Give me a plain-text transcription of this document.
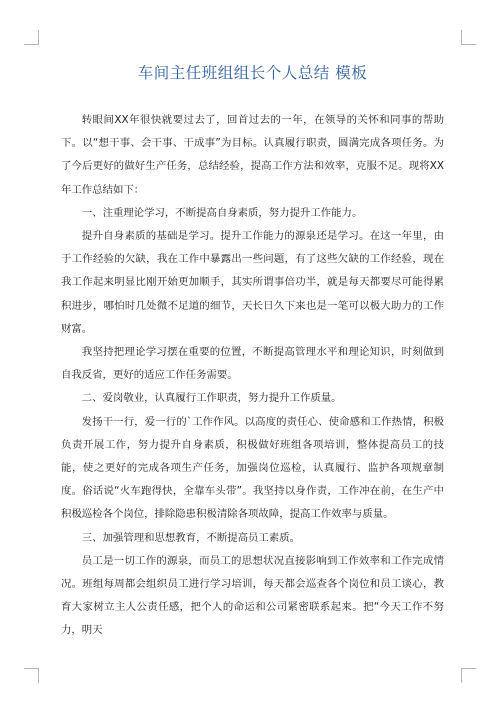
车间主任班组组长个人总结 模板

转眼间XX年很快就要过去了，回首过去的一年，在领导的关怀和同事的帮助下。以“想干事、会干事、干成事”为目标。认真履行职责，圆满完成各项任务。为了今后更好的做好生产任务，总结经验，提高工作方法和效率，克服不足。现将XX年工作总结如下：

一、注重理论学习，不断提高自身素质，努力提升工作能力。

提升自身素质的基础是学习。提升工作能力的源泉还是学习。在这一年里，由于工作经验的欠缺，我在工作中暴露出一些问题，有了这些欠缺的工作经验，现在我工作起来明显比刚开始更加顺手，其实所谓事倍功半，就是每天都要尽可能得累积进步，哪怕时几处微不足道的细节，天长日久下来也是一笔可以极大助力的工作财富。

我坚持把理论学习摆在重要的位置，不断提高管理水平和理论知识，时刻做到自我反省，更好的适应工作任务需要。

二、爱岗敬业，认真履行工作职责，努力提升工作质量。

发扬干一行，爱一行的`工作作风。以高度的责任心、使命感和工作热情，积极负责开展工作，努力提升自身素质，积极做好班组各项培训，整体提高员工的技能，使之更好的完成各项生产任务，加强岗位巡检，认真履行、监护各项规章制度。俗话说“火车跑得快，全靠车头带”。我坚持以身作责，工作冲在前，在生产中积极巡检各个岗位，排除隐患积极清除各项故障，提高工作效率与质量。

三、加强管理和思想教育，不断提高员工素质。

员工是一切工作的源泉，而员工的思想状况直接影响到工作效率和工作完成情况。班组每周都会组织员工进行学习培训，每天都会巡查各个岗位和员工谈心，教育大家树立主人公责任感，把个人的命运和公司紧密联系起来。把“今天工作不努力，明天
